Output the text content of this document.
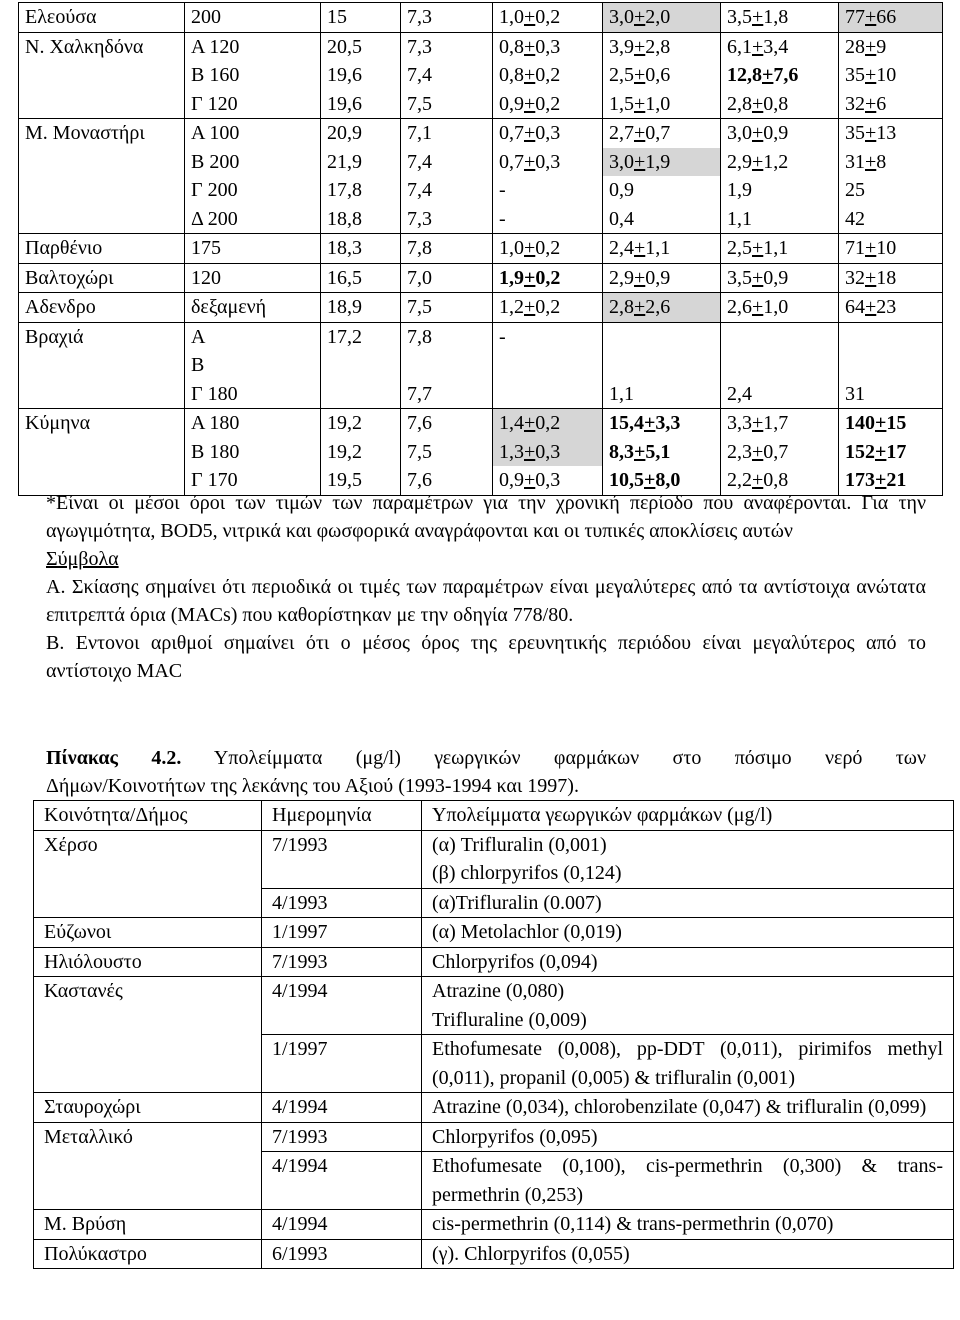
Ελεούσα	200	15	7,3	1,0+0,2	3,0+2,0	3,5+1,8	77+66
Ν. Χαλκηδόνα	Α 120	20,5	7,3	0,8+0,3	3,9+2,8	6,1+3,4	28+9
	Β 160	19,6	7,4	0,8+0,2	2,5+0,6	12,8+7,6	35+10
	Γ 120	19,6	7,5	0,9+0,2	1,5+1,0	2,8+0,8	32+6
Μ. Μοναστήρι	Α 100	20,9	7,1	0,7+0,3	2,7+0,7	3,0+0,9	35+13
	Β 200	21,9	7,4	0,7+0,3	3,0+1,9	2,9+1,2	31+8
	Γ 200	17,8	7,4	-	0,9	1,9	25
	Δ 200	18,8	7,3	-	0,4	1,1	42
Παρθένιο	175	18,3	7,8	1,0+0,2	2,4+1,1	2,5+1,1	71+10
Βαλτοχώρι	120	16,5	7,0	1,9+0,2	2,9+0,9	3,5+0,9	32+18
Αδενδρο	δεξαμενή	18,9	7,5	1,2+0,2	2,8+2,6	2,6+1,0	64+23
Βραχιά	Α	17,2	7,8	-			
	Β						
	Γ 180		7,7		1,1	2,4	31
Κύμηνα	Α 180	19,2	7,6	1,4+0,2	15,4+3,3	3,3+1,7	140+15
	Β 180	19,2	7,5	1,3+0,3	8,3+5,1	2,3+0,7	152+17
	Γ 170	19,5	7,6	0,9+0,3	10,5+8,0	2,2+0,8	173+21

*Είναι οι μέσοι όροι των τιμών των παραμέτρων για την χρονική περίοδο που αναφέρονται. Για την αγωγιμότητα, BOD5, νιτρικά και φωσφορικά αναγράφονται και οι τυπικές αποκλίσεις αυτών

Σύμβολα

Α. Σκίασης σημαίνει ότι περιοδικά οι τιμές των παραμέτρων είναι μεγαλύτερες από τα αντίστοιχα ανώτατα επιτρεπτά όρια (MACs) που καθορίστηκαν με την οδηγία 778/80.

Β. Εντονοι αριθμοί σημαίνει ότι ο μέσος όρος της ερευνητικής περιόδου είναι μεγαλύτερος από το αντίστοιχο MAC

Πίνακας 4.2. Υπολείμματα (μg/l) γεωργικών φαρμάκων στο πόσιμο νερό των

Δήμων/Κοινοτήτων της λεκάνης του Αξιού (1993-1994 και 1997).

Κοινότητα/Δήμος	Ημερομηνία	Υπολείμματα γεωργικών φαρμάκων (μg/l)
Χέρσο	7/1993	(α) Trifluralin (0,001)
		(β) chlorpyrifos (0,124)
	4/1993	(α)Trifluralin (0.007)
Εύζωνοι	1/1997	(α) Metolachlor (0,019)
Ηλιόλουστο	7/1993	Chlorpyrifos (0,094)
Καστανές	4/1994	Atrazine (0,080)
		Trifluraline (0,009)
	1/1997	Ethofumesate (0,008), pp-DDT (0,011), pirimifos methyl (0,011), propanil (0,005) & trifluralin (0,001)
Σταυροχώρι	4/1994	Atrazine (0,034), chlorobenzilate (0,047) & trifluralin (0,099)
Μεταλλικό	7/1993	Chlorpyrifos (0,095)
	4/1994	Ethofumesate (0,100), cis-permethrin (0,300) & trans-permethrin (0,253)
Μ. Βρύση	4/1994	cis-permethrin (0,114) & trans-permethrin (0,070)
Πολύκαστρο	6/1993	(γ). Chlorpyrifos (0,055)
